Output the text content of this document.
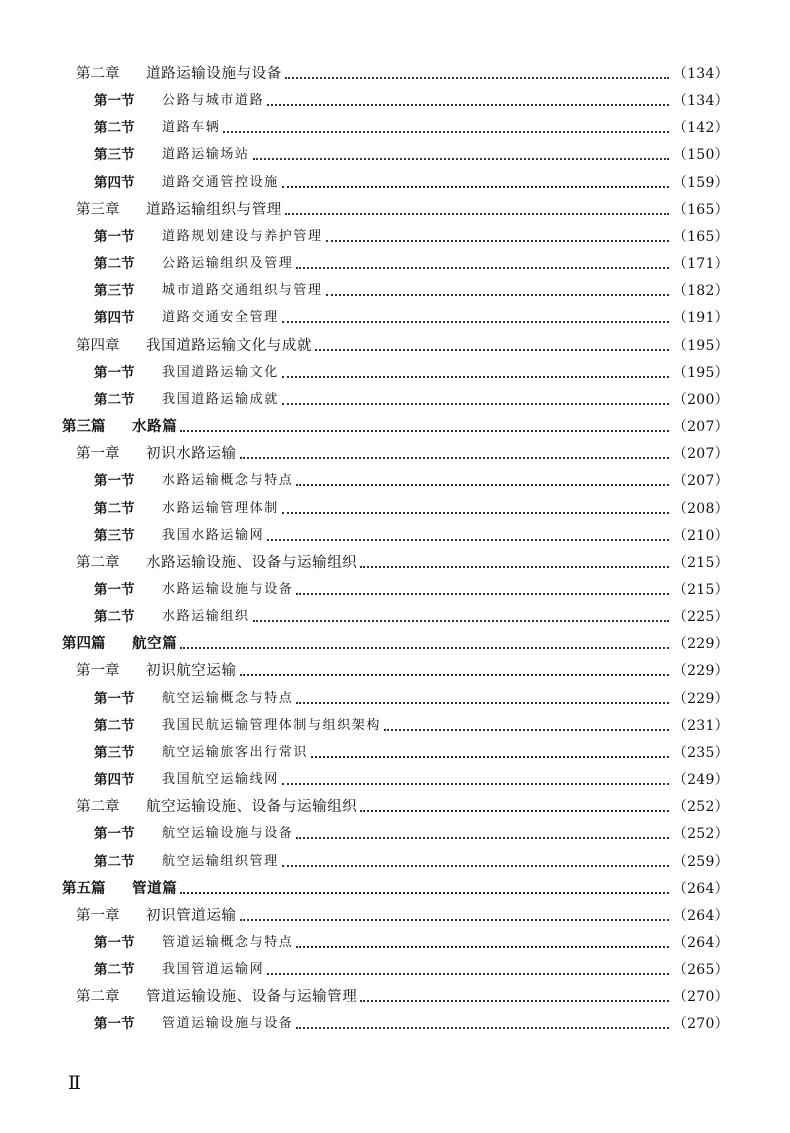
第二章	道路运输设施与设备	（134）
第一节	公路与城市道路	（134）
第二节	道路车辆	（142）
第三节	道路运输场站	（150）
第四节	道路交通管控设施	（159）
第三章	道路运输组织与管理	（165）
第一节	道路规划建设与养护管理	（165）
第二节	公路运输组织及管理	（171）
第三节	城市道路交通组织与管理	（182）
第四节	道路交通安全管理	（191）
第四章	我国道路运输文化与成就	（195）
第一节	我国道路运输文化	（195）
第二节	我国道路运输成就	（200）
第三篇	水路篇	（207）
第一章	初识水路运输	（207）
第一节	水路运输概念与特点	（207）
第二节	水路运输管理体制	（208）
第三节	我国水路运输网	（210）
第二章	水路运输设施、设备与运输组织	（215）
第一节	水路运输设施与设备	（215）
第二节	水路运输组织	（225）
第四篇	航空篇	（229）
第一章	初识航空运输	（229）
第一节	航空运输概念与特点	（229）
第二节	我国民航运输管理体制与组织架构	（231）
第三节	航空运输旅客出行常识	（235）
第四节	我国航空运输线网	（249）
第二章	航空运输设施、设备与运输组织	（252）
第一节	航空运输设施与设备	（252）
第二节	航空运输组织管理	（259）
第五篇	管道篇	（264）
第一章	初识管道运输	（264）
第一节	管道运输概念与特点	（264）
第二节	我国管道运输网	（265）
第二章	管道运输设施、设备与运输管理	（270）
第一节	管道运输设施与设备	（270）
Ⅱ
